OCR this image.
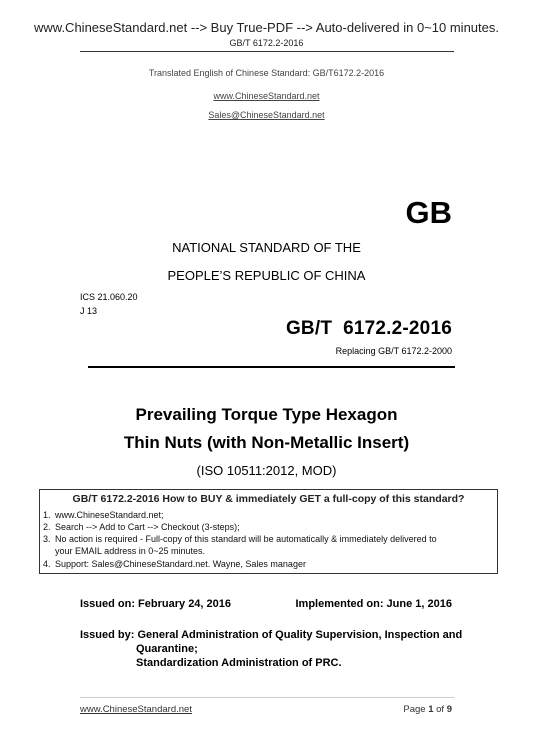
www.ChineseStandard.net --> Buy True-PDF --> Auto-delivered in 0~10 minutes.
GB/T 6172.2-2016
Translated English of Chinese Standard: GB/T6172.2-2016
www.ChineseStandard.net
Sales@ChineseStandard.net
GB
NATIONAL STANDARD OF THE
PEOPLE’S REPUBLIC OF CHINA
ICS 21.060.20
J 13
GB/T  6172.2-2016
Replacing GB/T 6172.2-2000
Prevailing Torque Type Hexagon
Thin Nuts (with Non-Metallic Insert)
(ISO 10511:2012, MOD)
GB/T 6172.2-2016 How to BUY & immediately GET a full-copy of this standard?
1. www.ChineseStandard.net;
2. Search --> Add to Cart --> Checkout (3-steps);
3. No action is required - Full-copy of this standard will be automatically & immediately delivered to
your EMAIL address in 0~25 minutes.
4. Support: Sales@ChineseStandard.net. Wayne, Sales manager
Issued on: February 24, 2016	Implemented on: June 1, 2016
Issued by: General Administration of Quality Supervision, Inspection and
Quarantine;
Standardization Administration of PRC.
www.ChineseStandard.net	Page 1 of 9
